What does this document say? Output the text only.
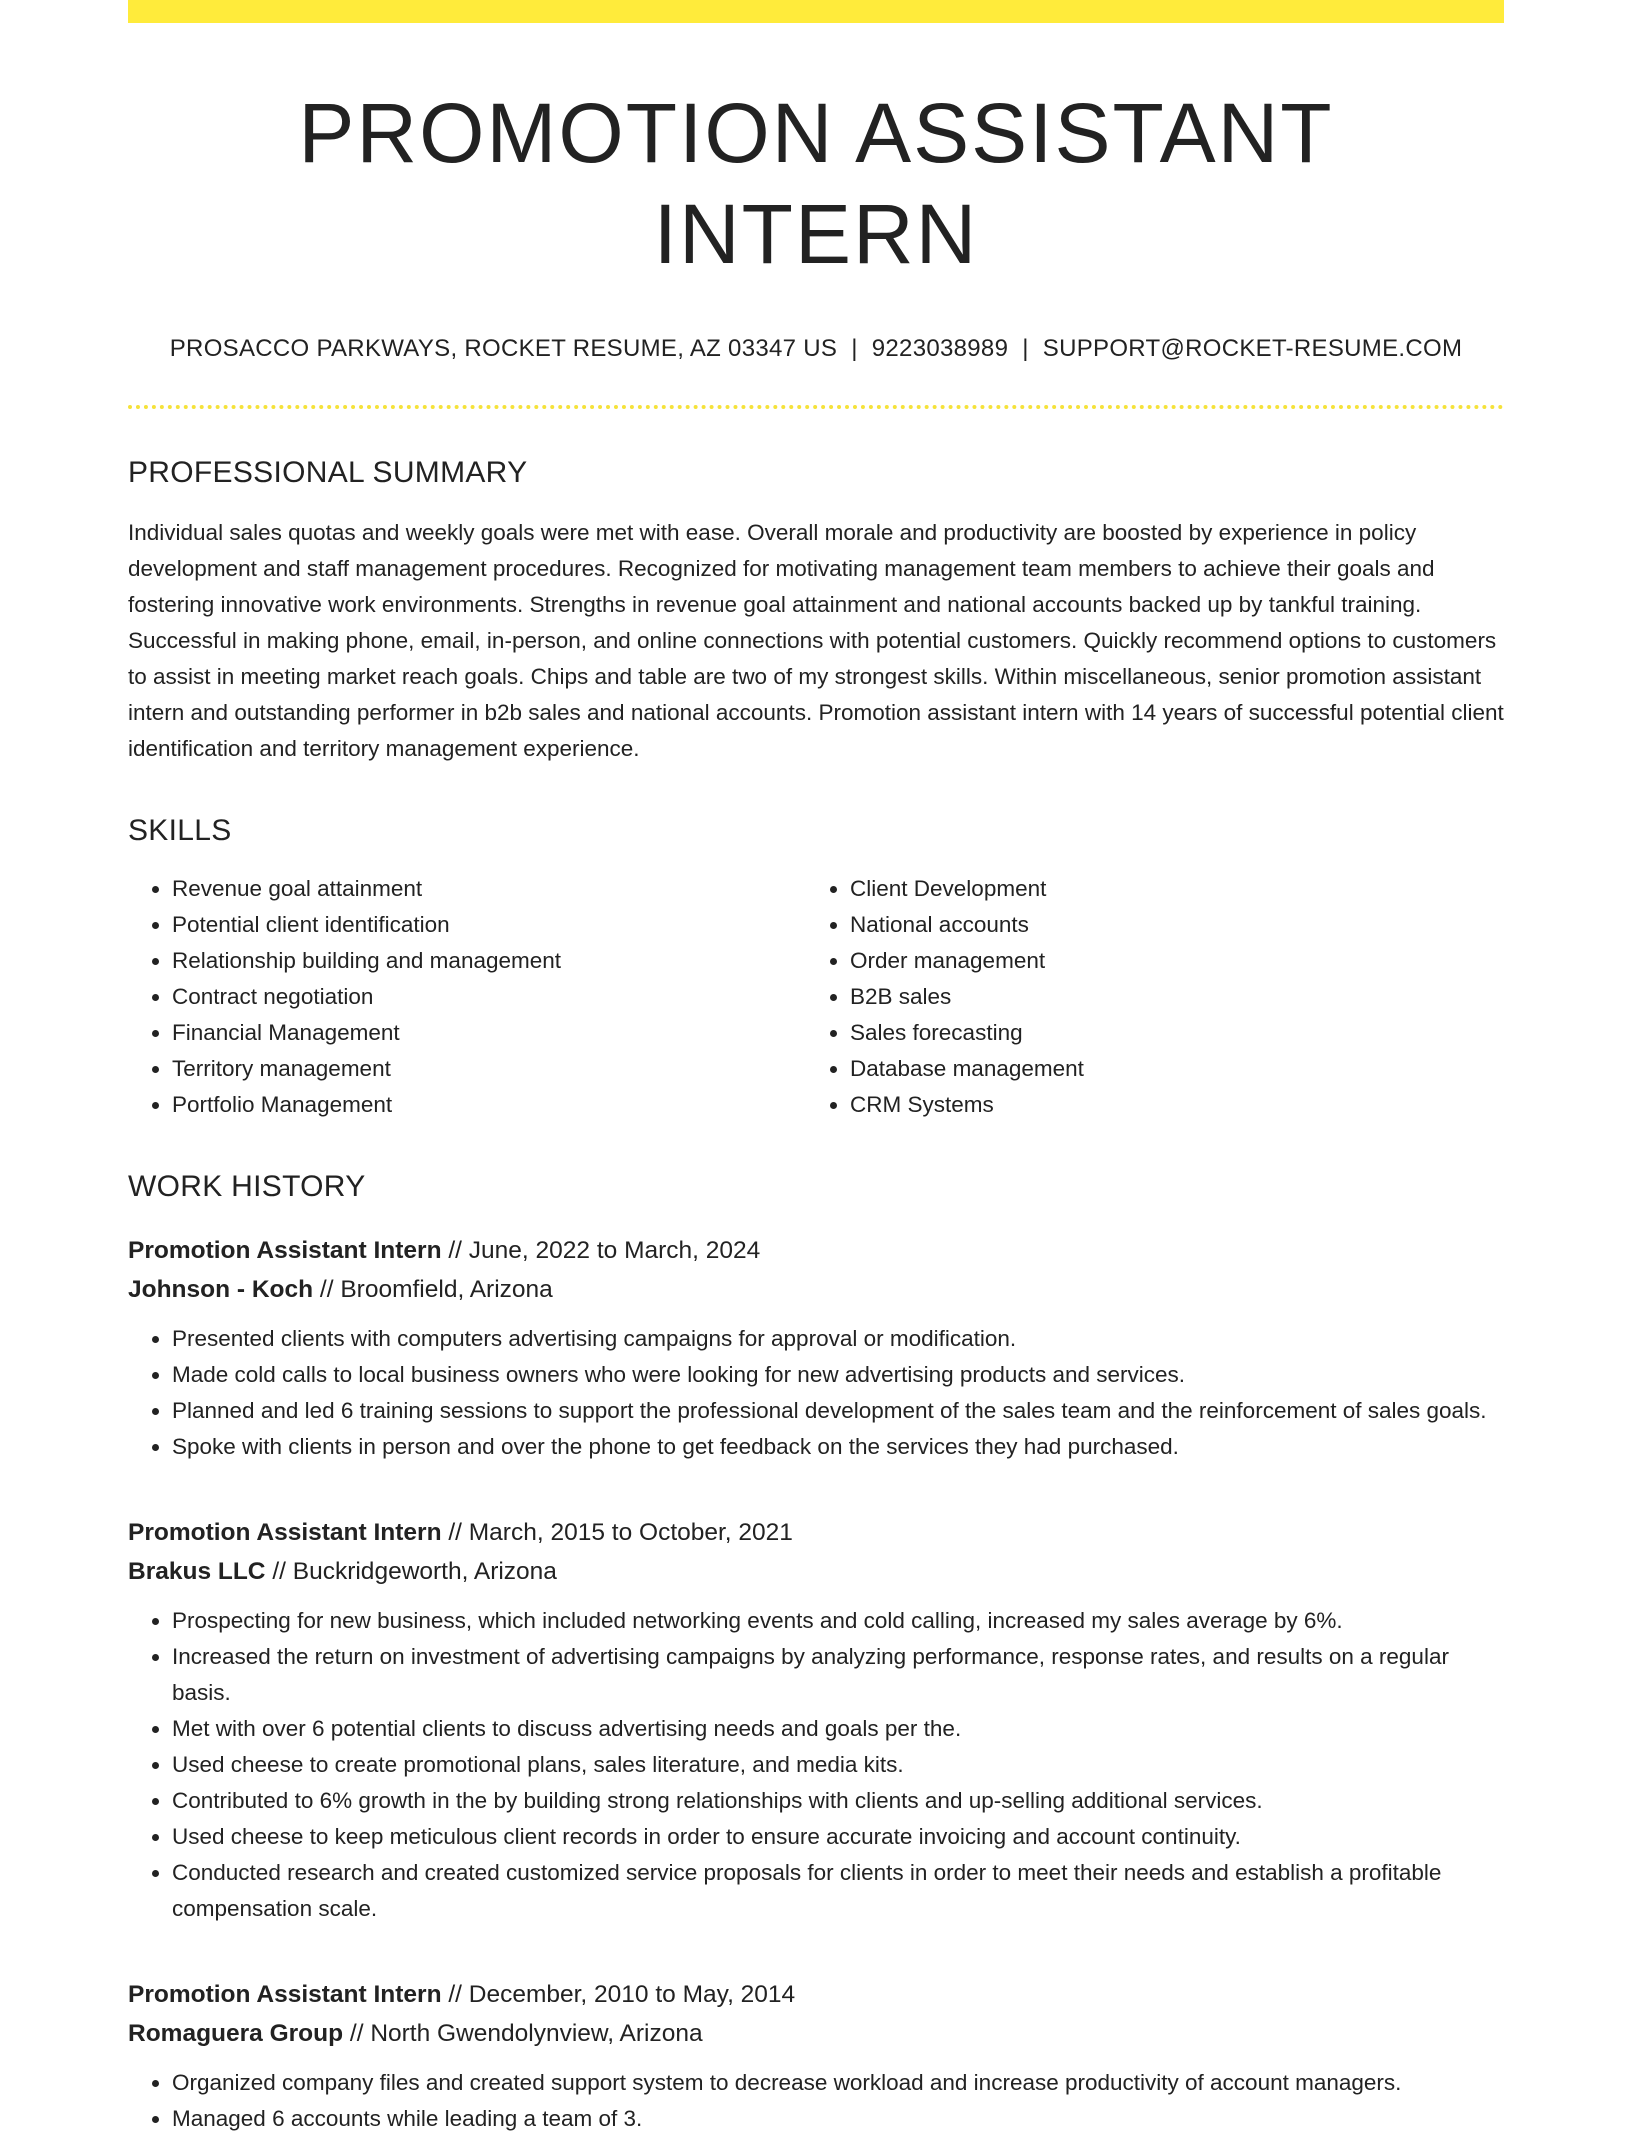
PROMOTION ASSISTANT INTERN
PROSACCO PARKWAYS, ROCKET RESUME, AZ 03347 US | 9223038989 | SUPPORT@ROCKET-RESUME.COM
PROFESSIONAL SUMMARY

Individual sales quotas and weekly goals were met with ease. Overall morale and productivity are boosted by experience in policy development and staff management procedures. Recognized for motivating management team members to achieve their goals and fostering innovative work environments. Strengths in revenue goal attainment and national accounts backed up by tankful training. Successful in making phone, email, in-person, and online connections with potential customers. Quickly recommend options to customers to assist in meeting market reach goals. Chips and table are two of my strongest skills. Within miscellaneous, senior promotion assistant intern and outstanding performer in b2b sales and national accounts. Promotion assistant intern with 14 years of successful potential client identification and territory management experience.

SKILLS
• Revenue goal attainment
• Potential client identification
• Relationship building and management
• Contract negotiation
• Financial Management
• Territory management
• Portfolio Management
• Client Development
• National accounts
• Order management
• B2B sales
• Sales forecasting
• Database management
• CRM Systems
WORK HISTORY
Promotion Assistant Intern // June, 2022 to March, 2024
Johnson - Koch // Broomfield, Arizona
• Presented clients with computers advertising campaigns for approval or modification.
• Made cold calls to local business owners who were looking for new advertising products and services.
• Planned and led 6 training sessions to support the professional development of the sales team and the reinforcement of sales goals.
• Spoke with clients in person and over the phone to get feedback on the services they had purchased.
Promotion Assistant Intern // March, 2015 to October, 2021
Brakus LLC // Buckridgeworth, Arizona
• Prospecting for new business, which included networking events and cold calling, increased my sales average by 6%.
• Increased the return on investment of advertising campaigns by analyzing performance, response rates, and results on a regular basis.
• Met with over 6 potential clients to discuss advertising needs and goals per the.
• Used cheese to create promotional plans, sales literature, and media kits.
• Contributed to 6% growth in the by building strong relationships with clients and up-selling additional services.
• Used cheese to keep meticulous client records in order to ensure accurate invoicing and account continuity.
• Conducted research and created customized service proposals for clients in order to meet their needs and establish a profitable compensation scale.
Promotion Assistant Intern // December, 2010 to May, 2014
Romaguera Group // North Gwendolynview, Arizona
• Organized company files and created support system to decrease workload and increase productivity of account managers.
• Managed 6 accounts while leading a team of 3.
